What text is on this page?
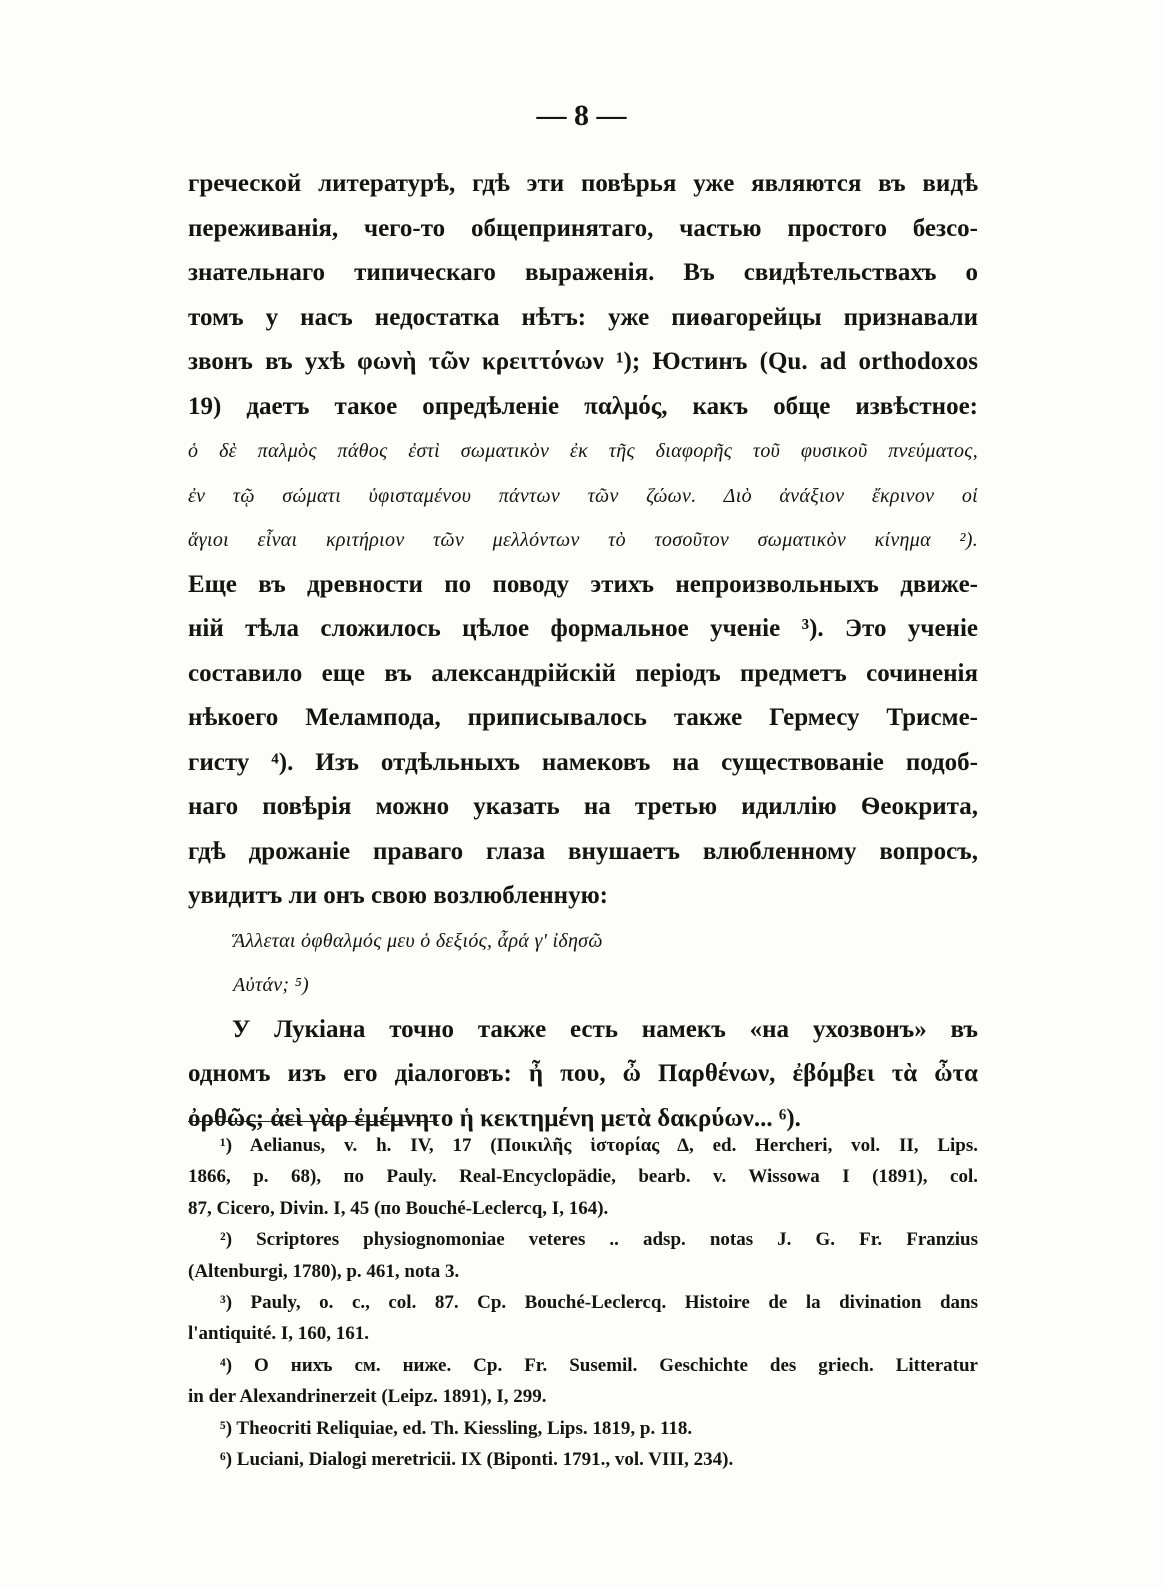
— 8 —
греческой литературѣ, гдѣ эти повѣрья уже являются въ видѣ
переживанія, чего-то общепринятаго, частью простого безсо-
знательнаго типическаго выраженія. Въ свидѣтельствахъ о
томъ у насъ недостатка нѣтъ: уже пиѳагорейцы признавали
звонъ въ ухѣ φωνὴ τῶν κρειττόνων ¹); Юстинъ (Qu. ad orthodoxos
19) даетъ такое опредѣленіе παλμός, какъ обще извѣстное:
ὁ δὲ παλμὸς πάθος ἐστὶ σωματικὸν ἐκ τῆς διαφορῆς τοῦ φυσικοῦ πνεύματος,
ἐν τῷ σώματι ὑφισταμένου πάντων τῶν ζώων. Διὸ ἀνάξιον ἔκρινον οἱ
ἅγιοι εἶναι κριτήριον τῶν μελλόντων τὸ τοσοῦτον σωματικὸν κίνημα ²).
Еще въ древности по поводу этихъ непроизвольныхъ движе-
ній тѣла сложилось цѣлое формальное ученіе ³). Это ученіе
составило еще въ александрійскій періодъ предметъ сочиненія
нѣкоего Мелампода, приписывалось также Гермесу Трисме-
гисту ⁴). Изъ отдѣльныхъ намековъ на существованіе подоб-
наго повѣрія можно указать на третью идиллію Ѳеокрита,
гдѣ дрожаніе праваго глаза внушаетъ влюбленному вопросъ,
увидитъ ли онъ свою возлюбленную:
Ἅλλεται ὀφθαλμός μευ ὁ δεξιός, ἆρά γ' ἰδησῶ
Αὐτάν; ⁵)
У Лукіана точно также есть намекъ «на ухозвонъ» въ
одномъ изъ его діалоговъ: ἦ που, ὦ Παρθένων, ἐβόμβει τὰ ὦτα
ὀρθῶς; ἀεὶ γὰρ ἐμέμνητο ἡ κεκτημένη μετὰ δακρύων... ⁶).
¹) Aelianus, v. h. IV, 17 (Ποικιλῆς ἱστορίας Δ, ed. Hercheri, vol. II, Lips.
1866, p. 68), по Pauly. Real-Encyclopädie, bearb. v. Wissowa I (1891), col.
87, Cicero, Divin. I, 45 (по Bouché-Leclercq, I, 164).
²) Scriptores physiognomoniae veteres .. adsp. notas J. G. Fr. Franzius
(Altenburgi, 1780), p. 461, nota 3.
³) Pauly, o. c., col. 87. Cp. Bouché-Leclercq. Histoire de la divination dans
l'antiquité. I, 160, 161.
⁴) О нихъ см. ниже. Ср. Fr. Susemil. Geschichte des griech. Litteratur
in der Alexandrinerzeit (Leipz. 1891), I, 299.
⁵) Theocriti Reliquiae, ed. Th. Kiessling, Lips. 1819, p. 118.
⁶) Luciani, Dialogi meretricii. IX (Biponti. 1791., vol. VIII, 234).
